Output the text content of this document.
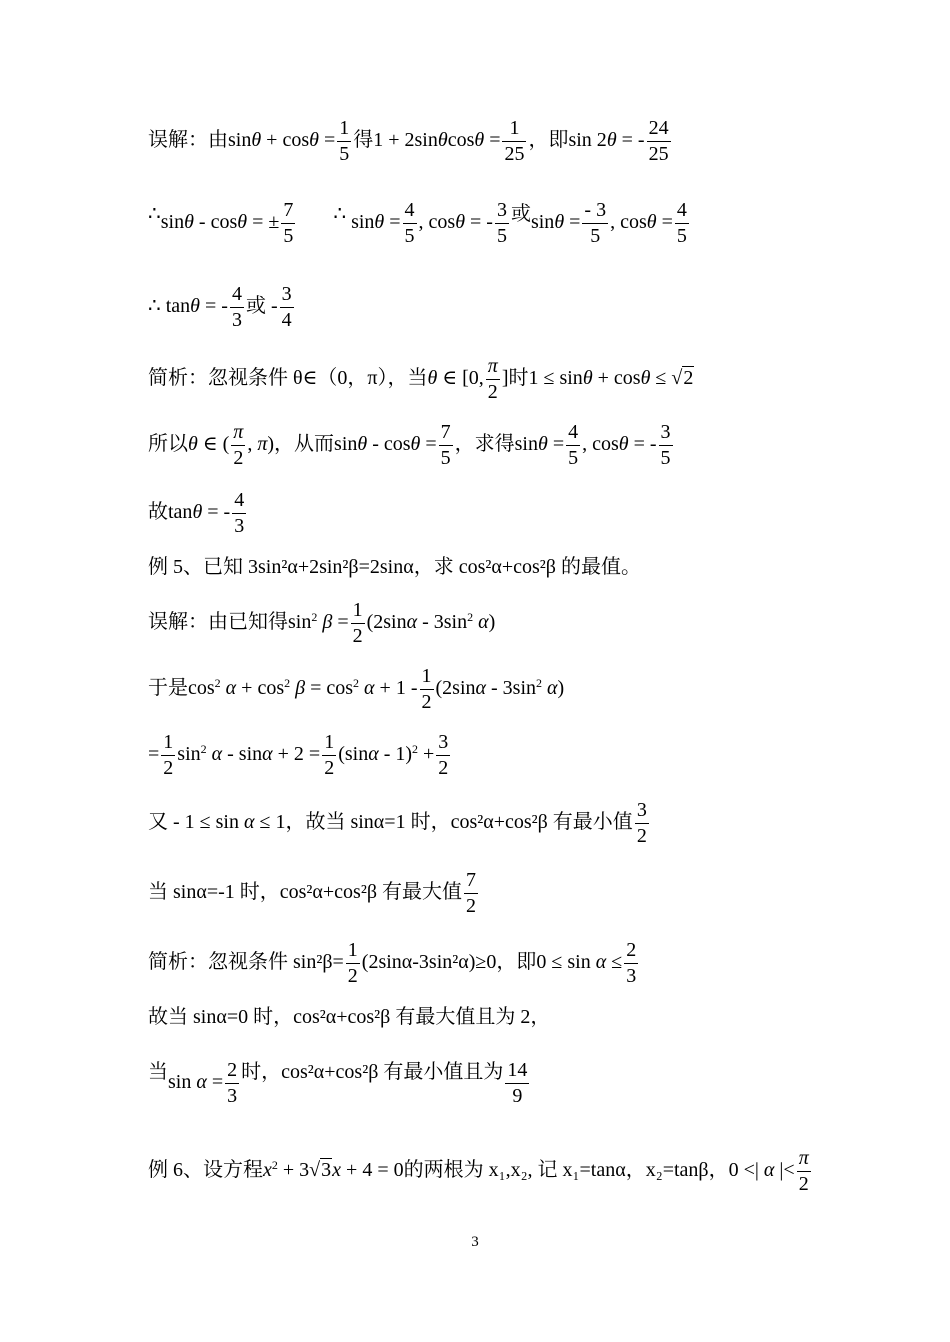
误解：由$\sin\theta + \cos\theta = \frac{1}{5}$ 得$1 + 2\sin\theta\cos\theta = \frac{1}{25}$ ，即sin 2θ = - $\frac{24}{25}$
∴sinθ - cosθ = ± $\frac{7}{5}$ ∴ $\sin\theta = \frac{4}{5}$ , cosθ = - $\frac{3}{5}$ 或$\sin\theta = \frac{- 3}{5}$ , $\cos\theta = \frac{4}{5}$
∴ tanθ = - $\frac{4}{3}$ 或 - $\frac{3}{4}$
简析：忽视条件 θ∈（0，π），当θ ∈ [0, $\frac{\pi}{2}$ ]时1 ≤ sinθ + cosθ ≤ √2
所以θ ∈ ( $\frac{\pi}{2}$ , π)，从而$\sin\theta - \cos\theta = \frac{7}{5}$ ，求得$\sin\theta = \frac{4}{5}$ , cosθ = - $\frac{3}{5}$
故tanθ = - $\frac{4}{3}$
例 5、已知 3sin²α+2sin²β=2sinα，求 cos²α+cos²β 的最值。
误解：由已知得$\sin^2 \beta = \frac{1}{2} (2\sin\alpha - 3\sin^2$ α)
于是$\cos^2 \alpha + \cos^2 \beta = \cos^2 \alpha + 1 - \frac{1}{2} (2\sin\alpha - 3\sin^2$ α)
= $\frac{1}{2} \sin^2 \alpha - \sin\alpha + 2 = \frac{1}{2} (\sin\alpha - 1)^2 + \frac{3}{2}$
又 - 1 ≤ sin α ≤ 1，故当 sinα=1 时，cos²α+cos²β 有最小值 $\frac{3}{2}$
当 sinα=-1 时，cos²α+cos²β 有最大值 $\frac{7}{2}$
简析：忽视条件 $\sin^2\beta= \frac{1}{2} (2\sin\alpha-3\sin^2\alpha)\ge 0$，即$0 \le \sin \alpha \le \frac{2}{3}$
故当 sinα=0 时，cos²α+cos²β 有最大值且为 2，
当$\sin \alpha = \frac{2}{3}$ 时，cos²α+cos²β 有最小值且为 $\frac{14}{9}$
例 6、设方程$x^2 + 3√3x + 4 = 0$的两根为 x₁,x₂, 记 x₁=tanα，x₂=tanβ，0 <| α |< $\frac{\pi}{2}$
3
